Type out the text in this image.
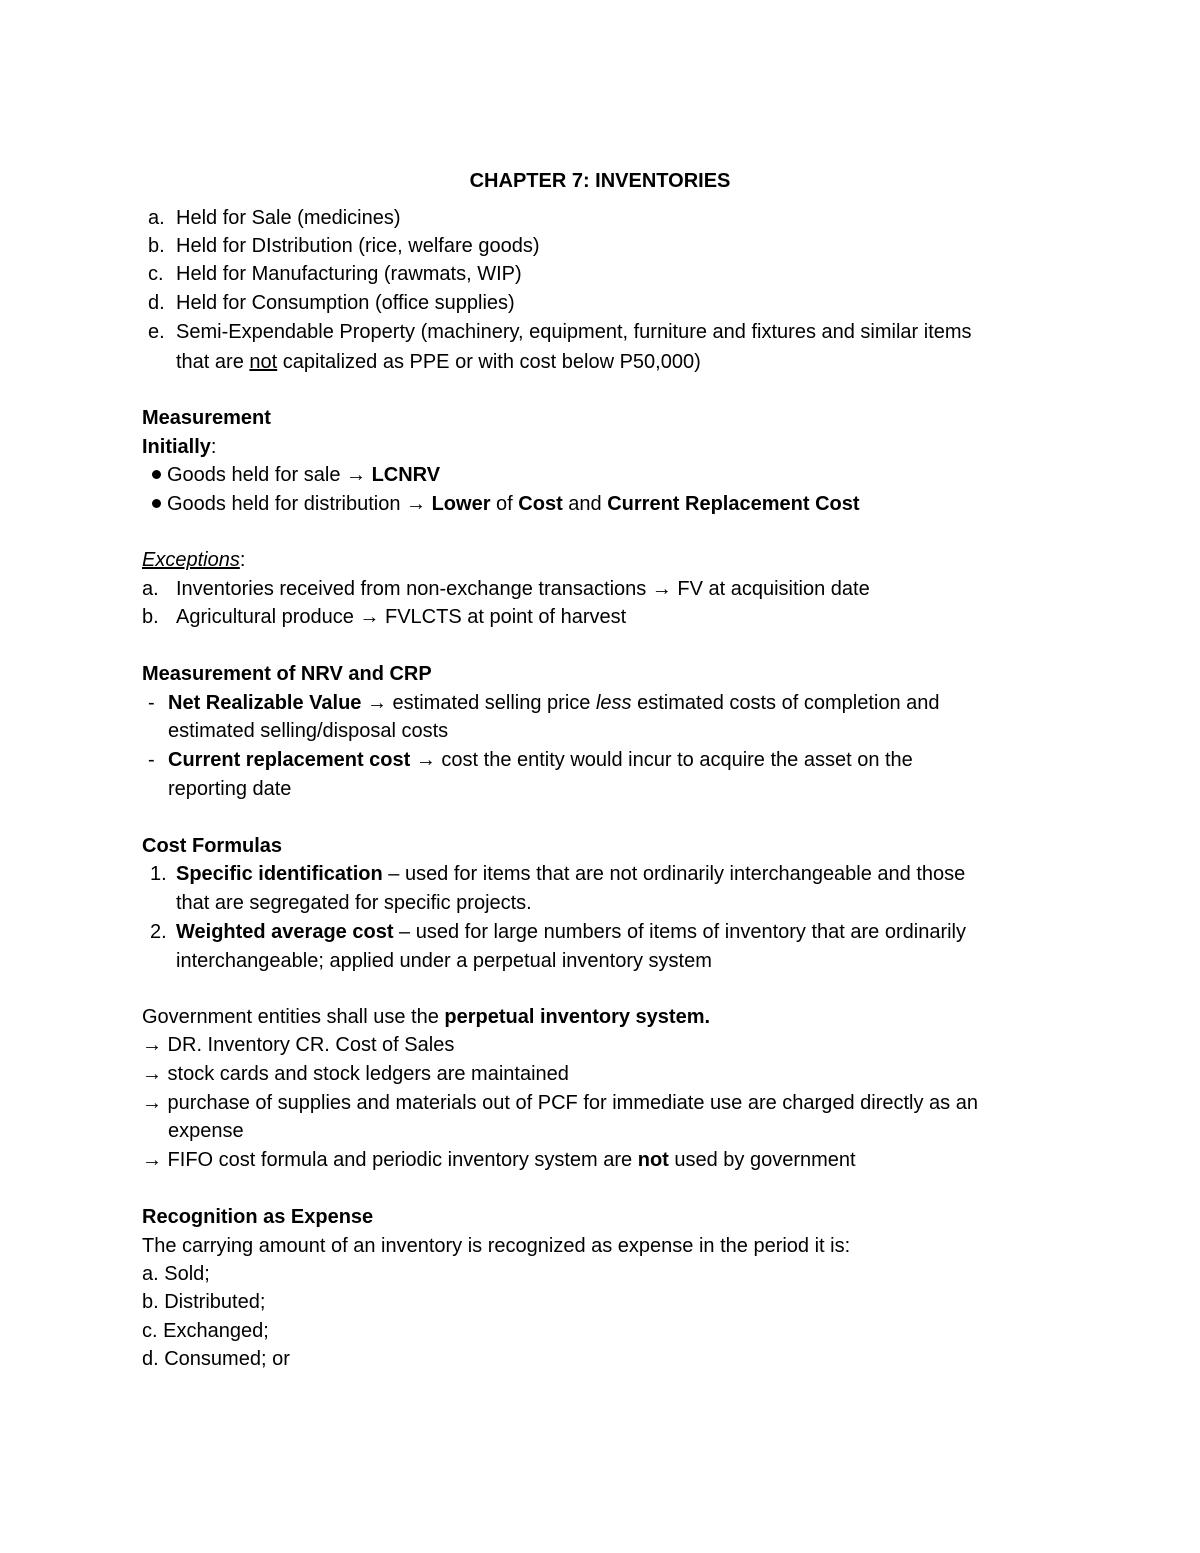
CHAPTER 7: INVENTORIES
a. Held for Sale (medicines)
b. Held for DIstribution (rice, welfare goods)
c. Held for Manufacturing (rawmats, WIP)
d. Held for Consumption (office supplies)
e. Semi-Expendable Property (machinery, equipment, furniture and fixtures and similar items
that are not capitalized as PPE or with cost below P50,000)
Measurement
Initially:
Goods held for sale → LCNRV
Goods held for distribution → Lower of Cost and Current Replacement Cost
Exceptions:
a. Inventories received from non-exchange transactions → FV at acquisition date
b. Agricultural produce → FVLCTS at point of harvest
Measurement of NRV and CRP
- Net Realizable Value → estimated selling price less estimated costs of completion and
estimated selling/disposal costs
- Current replacement cost → cost the entity would incur to acquire the asset on the
reporting date
Cost Formulas
1. Specific identification – used for items that are not ordinarily interchangeable and those
that are segregated for specific projects.
2. Weighted average cost – used for large numbers of items of inventory that are ordinarily
interchangeable; applied under a perpetual inventory system
Government entities shall use the perpetual inventory system.
→ DR. Inventory CR. Cost of Sales
→ stock cards and stock ledgers are maintained
→ purchase of supplies and materials out of PCF for immediate use are charged directly as an
expense
→ FIFO cost formula and periodic inventory system are not used by government
Recognition as Expense
The carrying amount of an inventory is recognized as expense in the period it is:
a. Sold;
b. Distributed;
c. Exchanged;
d. Consumed; or
